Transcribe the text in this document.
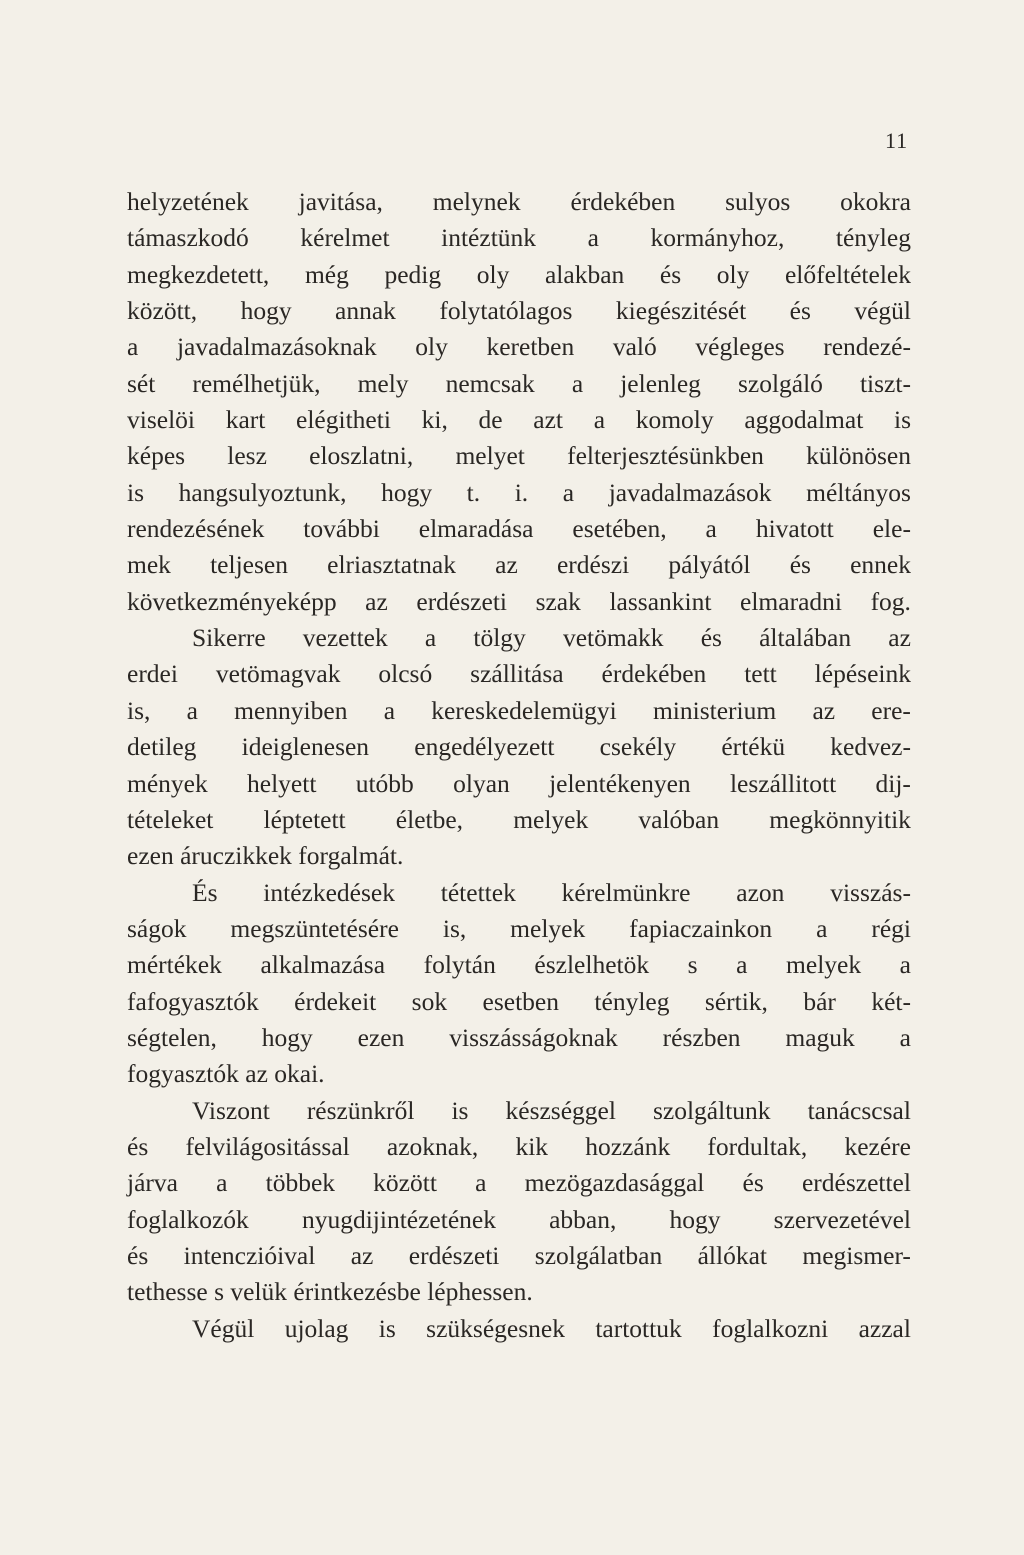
11
helyzetének javitása, melynek érdekében sulyos okokra
támaszkodó kérelmet intéztünk a kormányhoz, tényleg
megkezdetett, még pedig oly alakban és oly előfeltételek
között, hogy annak folytatólagos kiegészitését és végül
a javadalmazásoknak oly keretben való végleges rendezé-
sét remélhetjük, mely nemcsak a jelenleg szolgáló tiszt-
viselöi kart elégitheti ki, de azt a komoly aggodalmat is
képes lesz eloszlatni, melyet felterjesztésünkben különösen
is hangsulyoztunk, hogy t. i. a javadalmazások méltányos
rendezésének további elmaradása esetében, a hivatott ele-
mek teljesen elriasztatnak az erdészi pályától és ennek
következményeképp az erdészeti szak lassankint elmaradni fog.
Sikerre vezettek a tölgy vetömakk és általában az
erdei vetömagvak olcsó szállitása érdekében tett lépéseink
is, a mennyiben a kereskedelemügyi ministerium az ere-
detileg ideiglenesen engedélyezett csekély értékü kedvez-
mények helyett utóbb olyan jelentékenyen leszállitott dij-
tételeket léptetett életbe, melyek valóban megkönnyitik
ezen áruczikkek forgalmát.
És intézkedések tétettek kérelmünkre azon visszás-
ságok megszüntetésére is, melyek fapiaczainkon a régi
mértékek alkalmazása folytán észlelhetök s a melyek a
fafogyasztók érdekeit sok esetben tényleg sértik, bár két-
ségtelen, hogy ezen visszásságoknak részben maguk a
fogyasztók az okai.
Viszont részünkről is készséggel szolgáltunk tanácscsal
és felvilágositással azoknak, kik hozzánk fordultak, kezére
járva a többek között a mezögazdasággal és erdészettel
foglalkozók nyugdijintézetének abban, hogy szervezetével
és intenczióival az erdészeti szolgálatban állókat megismer-
tethesse s velük érintkezésbe léphessen.
Végül ujolag is szükségesnek tartottuk foglalkozni azzal
